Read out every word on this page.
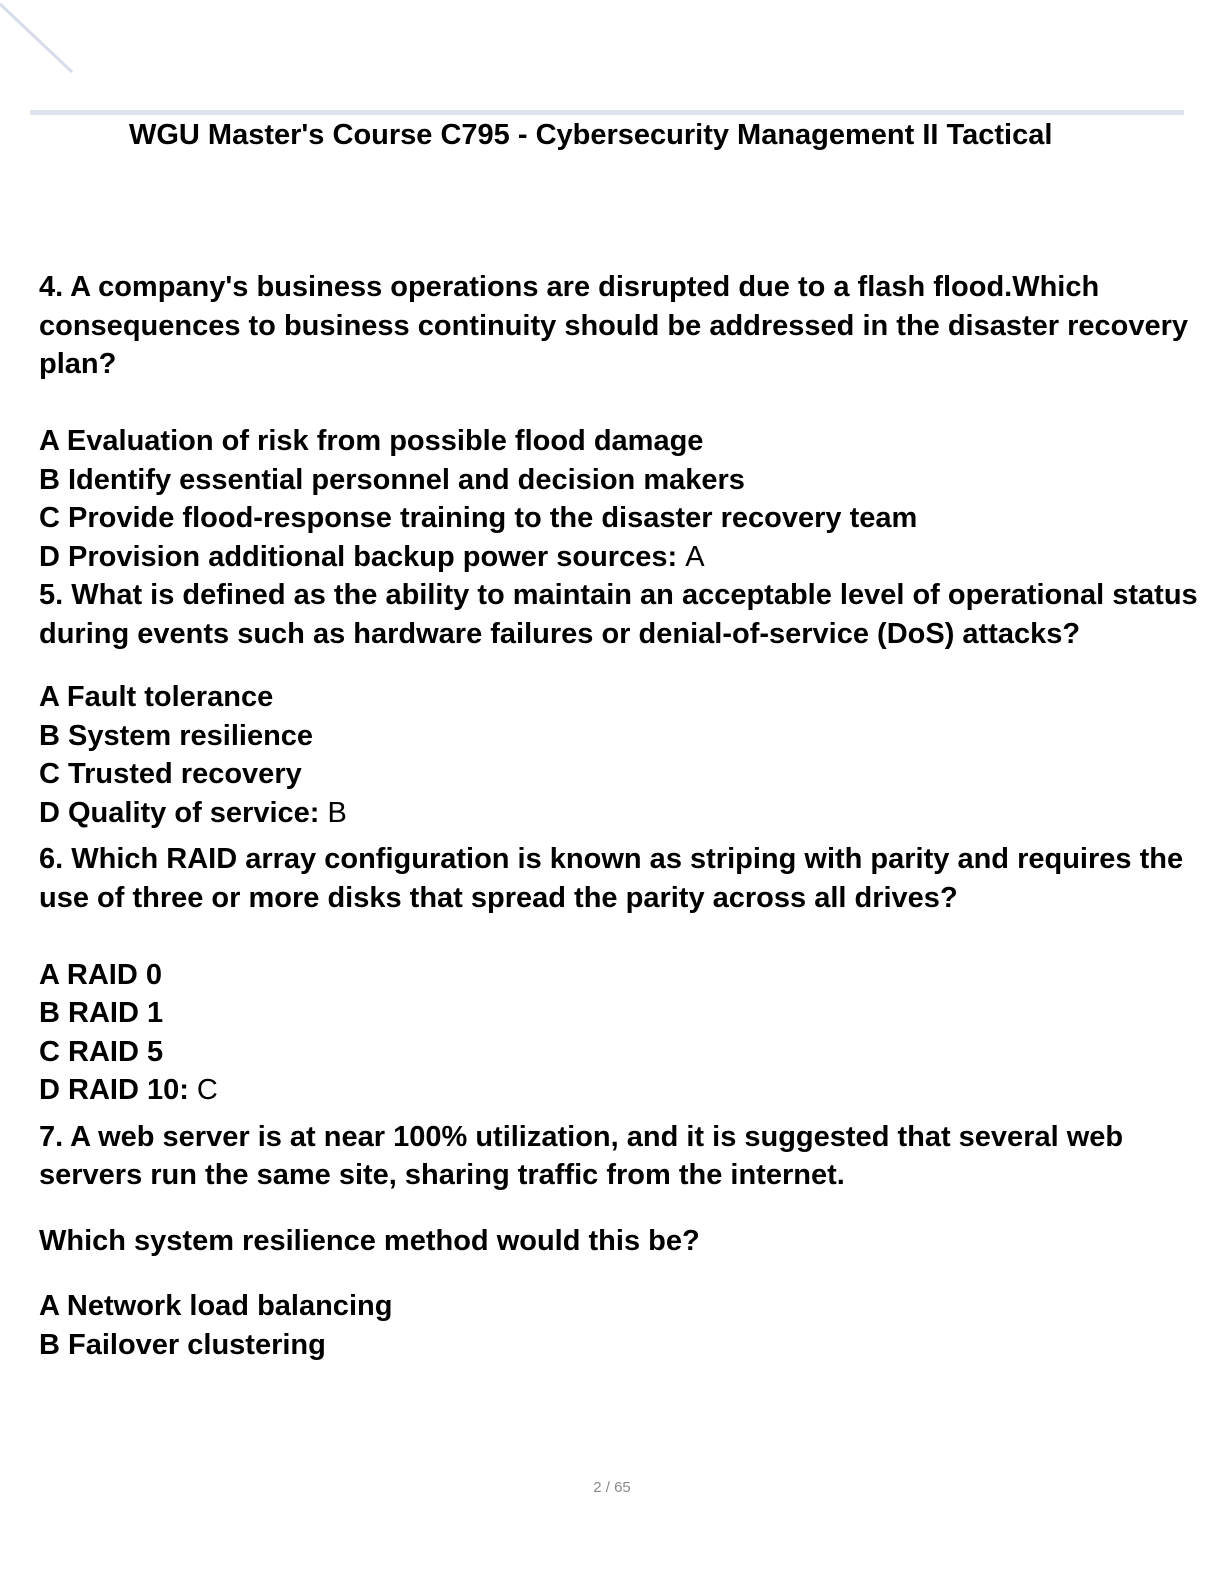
WGU Master's Course C795 - Cybersecurity Management II Tactical

4. A company's business operations are disrupted due to a flash flood.Which consequences to business continuity should be addressed in the disaster recovery plan?

A Evaluation of risk from possible flood damage

B Identify essential personnel and decision makers

C Provide flood-response training to the disaster recovery team

D Provision additional backup power sources: A

5. What is defined as the ability to maintain an acceptable level of operational status during events such as hardware failures or denial-of-service (DoS) attacks?

A Fault tolerance

B System resilience

C Trusted recovery

D Quality of service: B

6. Which RAID array configuration is known as striping with parity and requires the use of three or more disks that spread the parity across all drives?

A RAID 0

B RAID 1

C RAID 5

D RAID 10: C

7. A web server is at near 100% utilization, and it is suggested that several web servers run the same site, sharing traffic from the internet.

Which system resilience method would this be?

A Network load balancing

B Failover clustering

2 / 65
